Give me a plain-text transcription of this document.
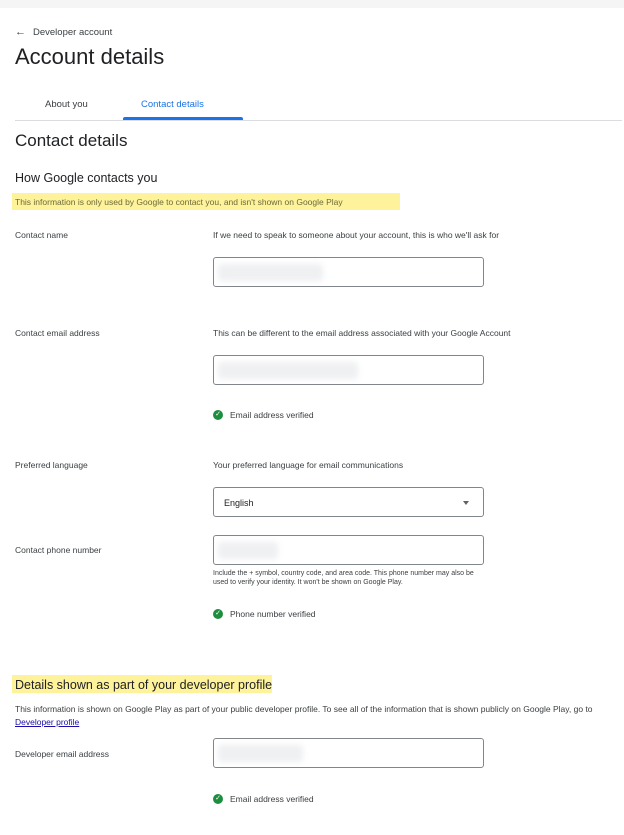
← Developer account
Account details
About you	Contact details
Contact details
How Google contacts you
This information is only used by Google to contact you, and isn't shown on Google Play
Contact name	If we need to speak to someone about your account, this is who we'll ask for
Contact email address	This can be different to the email address associated with your Google Account
✓ Email address verified
Preferred language	Your preferred language for email communications
English
Contact phone number
Include the + symbol, country code, and area code. This phone number may also be used to verify your identity. It won't be shown on Google Play.
✓ Phone number verified
Details shown as part of your developer profile
This information is shown on Google Play as part of your public developer profile. To see all of the information that is shown publicly on Google Play, go to Developer profile
Developer email address
✓ Email address verified
